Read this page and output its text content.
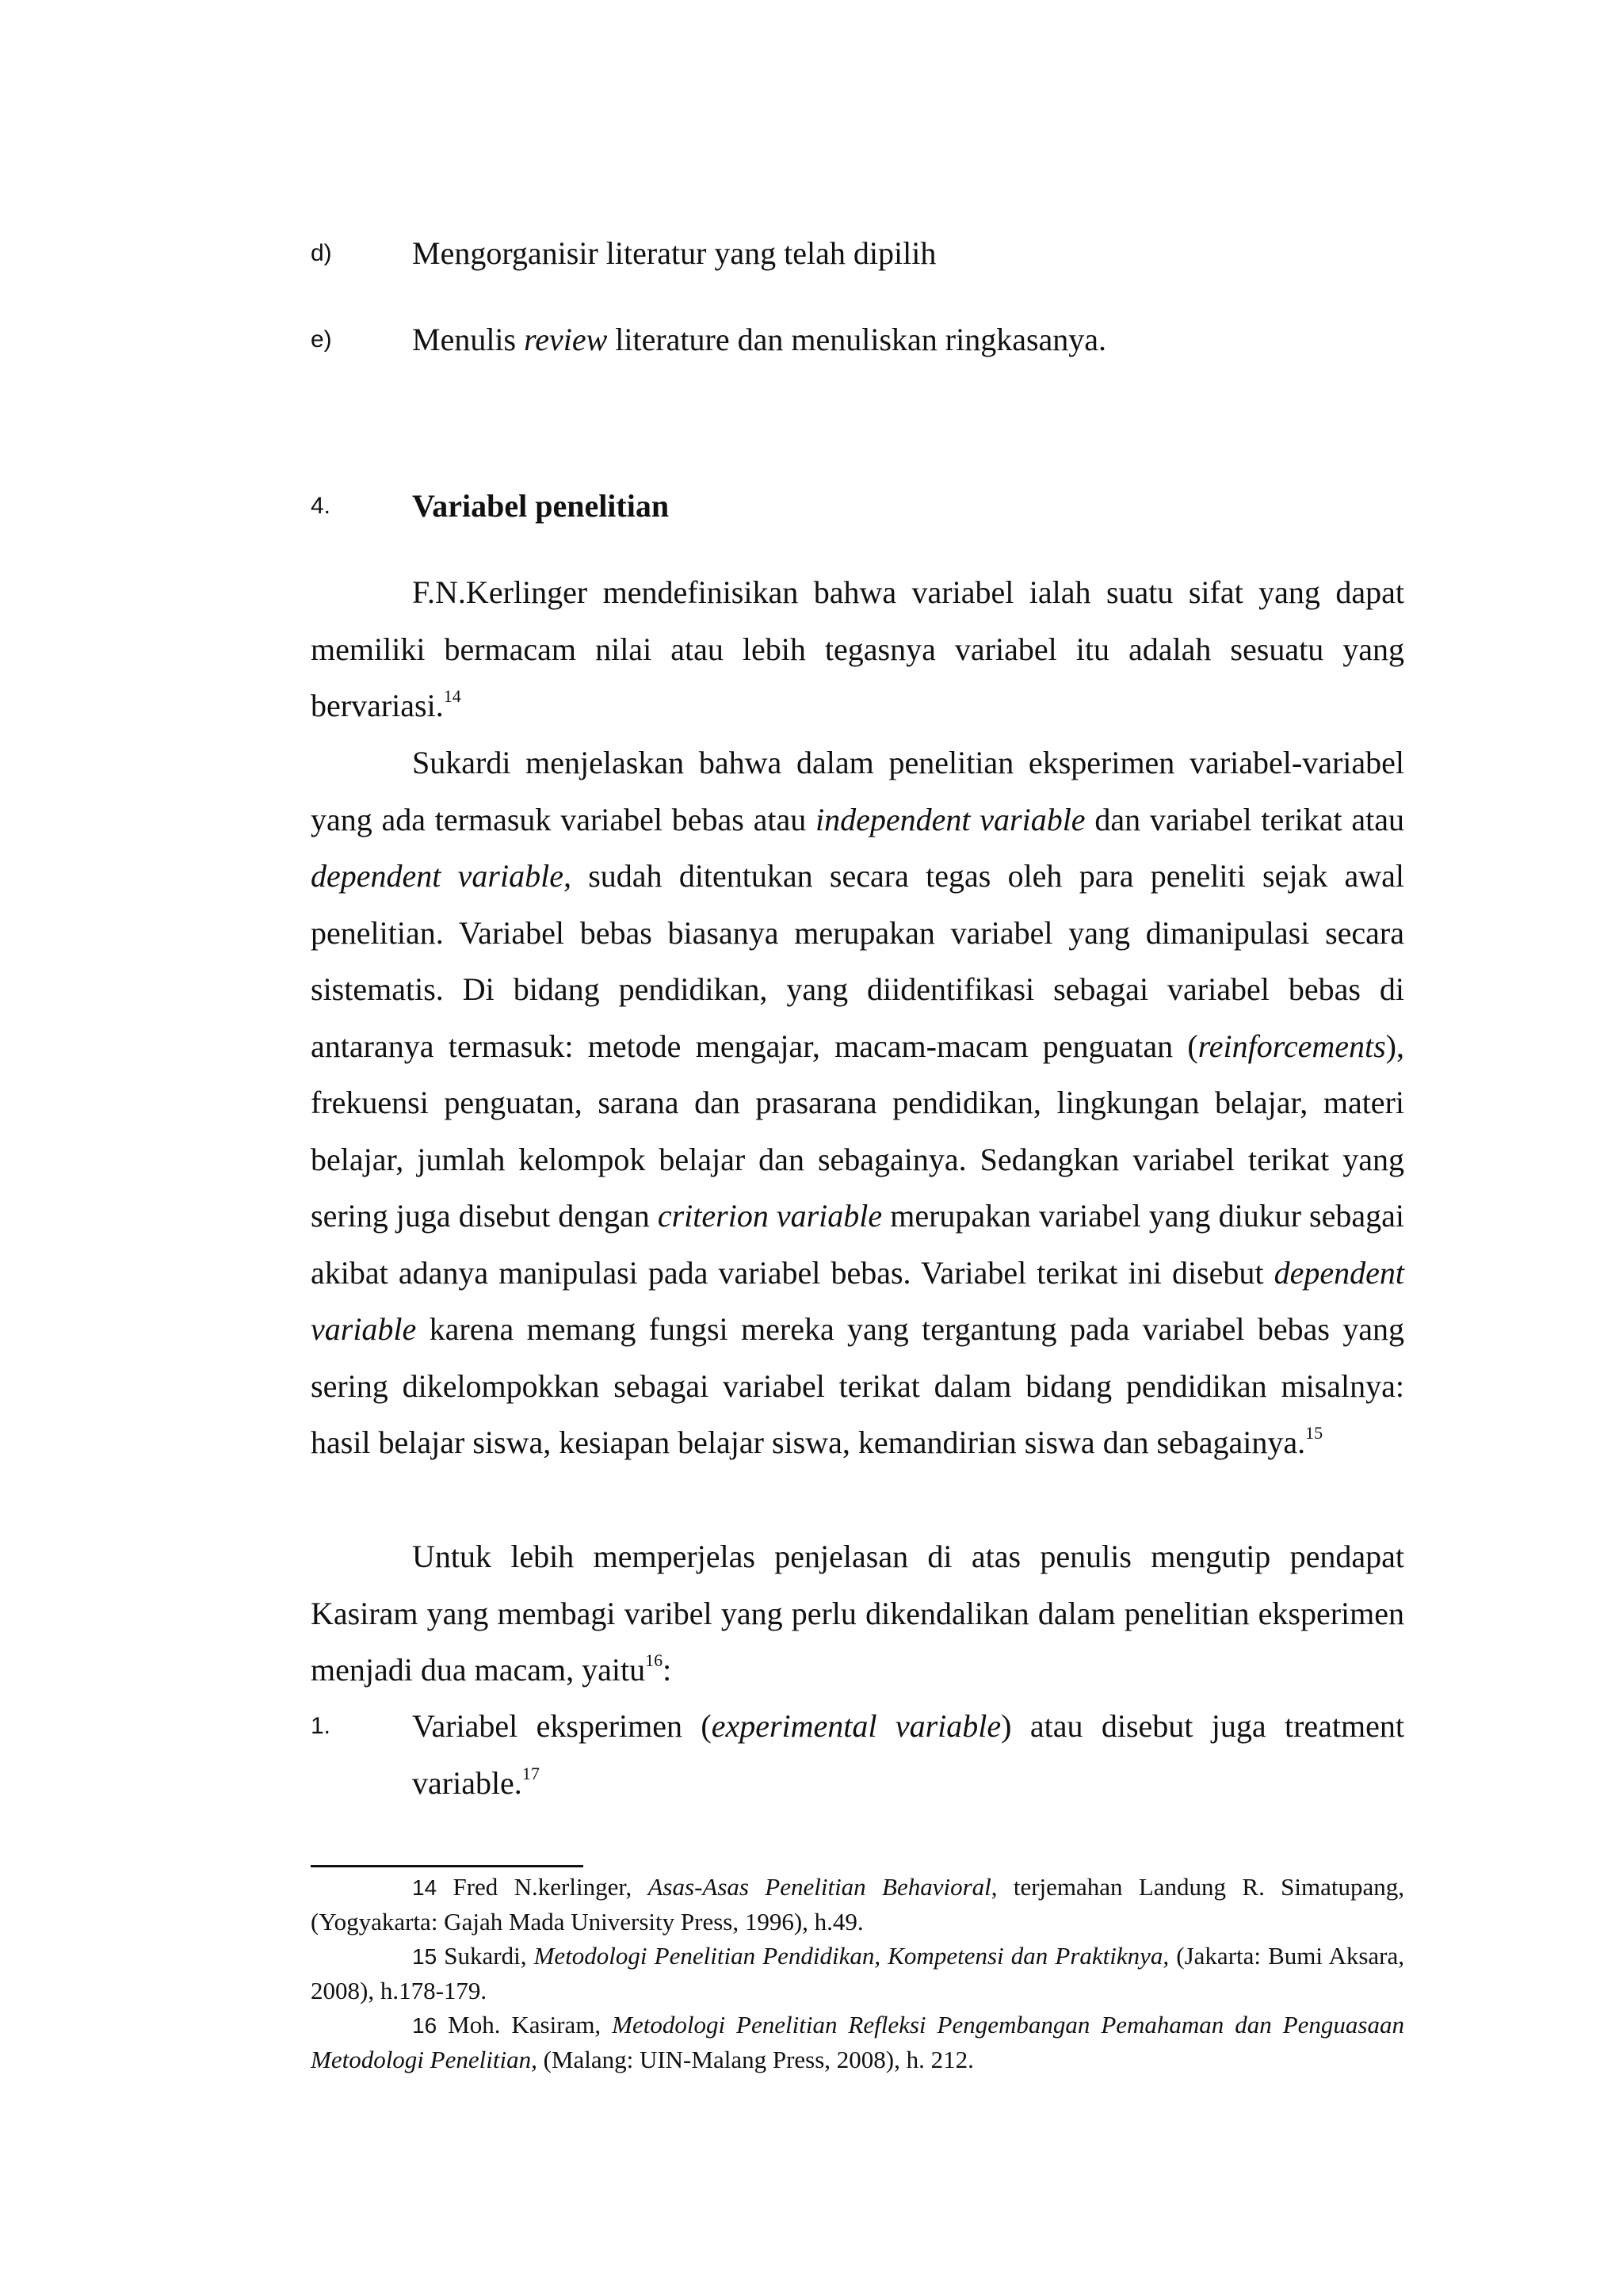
d)	Mengorganisir literatur yang telah dipilih
e)	Menulis review literature dan menuliskan ringkasanya.
4.	Variabel penelitian
F.N.Kerlinger mendefinisikan bahwa variabel ialah suatu sifat yang dapat memiliki bermacam nilai atau lebih tegasnya variabel itu adalah sesuatu yang bervariasi.$^{14}$
Sukardi menjelaskan bahwa dalam penelitian eksperimen variabel-variabel yang ada termasuk variabel bebas atau independent variable dan variabel terikat atau dependent variable, sudah ditentukan secara tegas oleh para peneliti sejak awal penelitian. Variabel bebas biasanya merupakan variabel yang dimanipulasi secara sistematis. Di bidang pendidikan, yang diidentifikasi sebagai variabel bebas di antaranya termasuk: metode mengajar, macam-macam penguatan (reinforcements), frekuensi penguatan, sarana dan prasarana pendidikan, lingkungan belajar, materi belajar, jumlah kelompok belajar dan sebagainya. Sedangkan variabel terikat yang sering juga disebut dengan criterion variable merupakan variabel yang diukur sebagai akibat adanya manipulasi pada variabel bebas. Variabel terikat ini disebut dependent variable karena memang fungsi mereka yang tergantung pada variabel bebas yang sering dikelompokkan sebagai variabel terikat dalam bidang pendidikan misalnya: hasil belajar siswa, kesiapan belajar siswa, kemandirian siswa dan sebagainya.$^{15}$
Untuk lebih memperjelas penjelasan di atas penulis mengutip pendapat Kasiram yang membagi varibel yang perlu dikendalikan dalam penelitian eksperimen menjadi dua macam, yaitu$^{16}$:
1.	Variabel eksperimen (experimental variable) atau disebut juga treatment variable.$^{17}$
14 Fred N.kerlinger, Asas-Asas Penelitian Behavioral, terjemahan Landung R. Simatupang, (Yogyakarta: Gajah Mada University Press, 1996), h.49.
15 Sukardi, Metodologi Penelitian Pendidikan, Kompetensi dan Praktiknya, (Jakarta: Bumi Aksara, 2008), h.178-179.
16 Moh. Kasiram, Metodologi Penelitian Refleksi Pengembangan Pemahaman dan Penguasaan Metodologi Penelitian, (Malang: UIN-Malang Press, 2008), h. 212.
